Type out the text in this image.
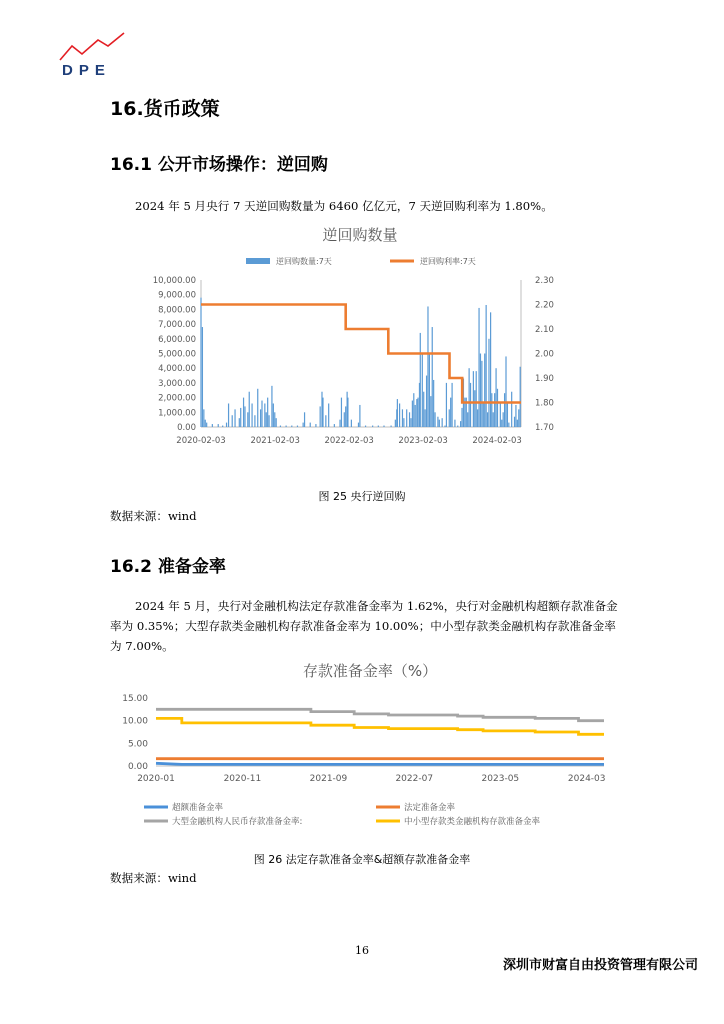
DPE
16.货币政策
16.1 公开市场操作：逆回购
2024 年 5 月央行 7 天逆回购数量为 6460 亿亿元，7 天逆回购利率为 1.80%。
逆回购数量
逆回购数量:7天	逆回购利率:7天
10,000.00
9,000.00
8,000.00
7,000.00
6,000.00
5,000.00
4,000.00
3,000.00
2,000.00
1,000.00
0.00
2.30
2.20
2.10
2.00
1.90
1.80
1.70
2020-02-03	2021-02-03	2022-02-03	2023-02-03	2024-02-03
图 25 央行逆回购
数据来源：wind
16.2 准备金率
2024 年 5 月，央行对金融机构法定存款准备金率为 1.62%，央行对金融机构超额存款准备金率为 0.35%；大型存款类金融机构存款准备金率为 10.00%；中小型存款类金融机构存款准备金率为 7.00%。
存款准备金率（%）
15.00
10.00
5.00
0.00
2020-01	2020-11	2021-09	2022-07	2023-05	2024-03
超额准备金率	法定准备金率
大型金融机构人民币存款准备金率:	中小型存款类金融机构存款准备金率
图 26 法定存款准备金率&超额存款准备金率
数据来源：wind
16
深圳市财富自由投资管理有限公司
